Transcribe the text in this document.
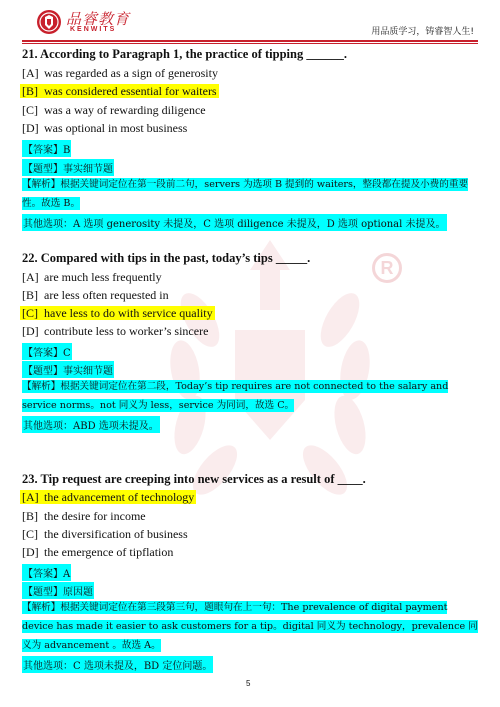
品睿教育
KENWITS	用品质学习，铸睿智人生!
R
21. According to Paragraph 1, the practice of tipping ______.
[A] was regarded as a sign of generosity
[B] was considered essential for waiters
[C] was a way of rewarding diligence
[D] was optional in most business
【答案】B
【题型】事实细节题
【解析】根据关键词定位在第一段前二句，servers 为选项 B 提到的 waiters，整段都在提及小费的重要性。故选 B。
其他选项：A 选项 generosity 未提及，C 选项 diligence 未提及，D 选项 optional 未提及。
22. Compared with tips in the past, today’s tips _____.
[A] are much less frequently
[B] are less often requested in
[C] have less to do with service quality
[D] contribute less to worker’s sincere
【答案】C
【题型】事实细节题
【解析】根据关键词定位在第二段，Today’s tip requires are not connected to the salary and service norms。not 同义为 less，service 为同词，故选 C。
其他选项：ABD 选项未提及。
23. Tip request are creeping into new services as a result of ____.
[A] the advancement of technology
[B] the desire for income
[C] the diversification of business
[D] the emergence of tipflation
【答案】A
【题型】原因题
【解析】根据关键词定位在第三段第三句，题眼句在上一句：The prevalence of digital payment device has made it easier to ask customers for a tip。digital 同义为 technology，prevalence 同义为 advancement 。故选 A。
其他选项：C 选项未提及，BD 定位问题。
5
